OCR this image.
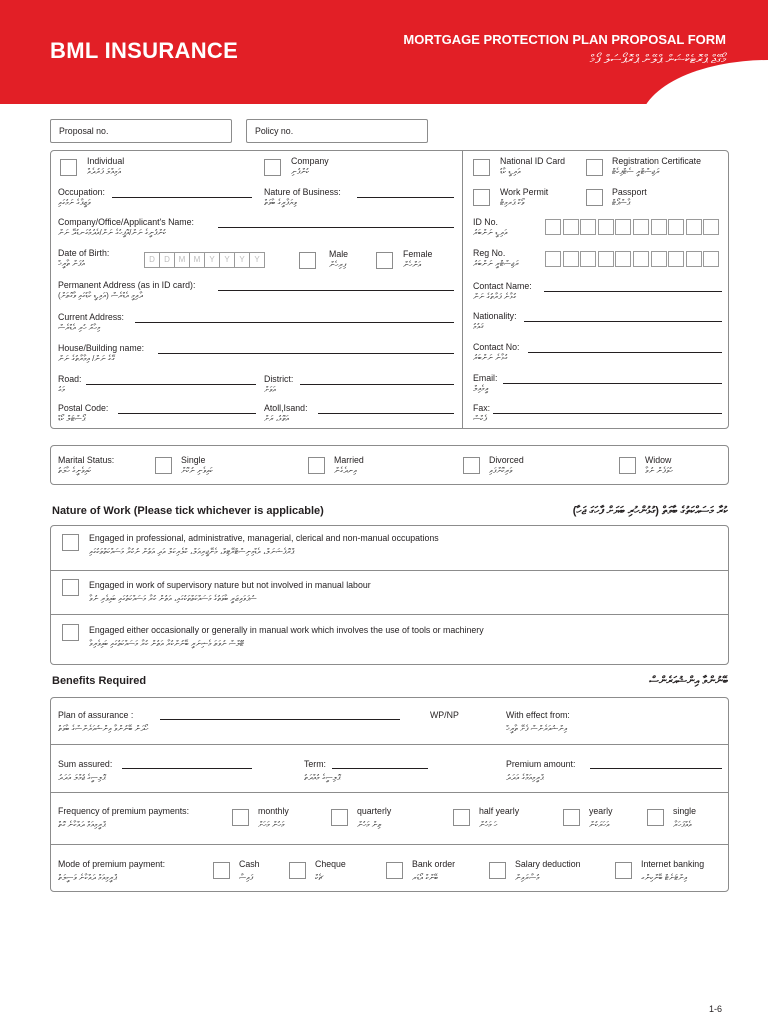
BML INSURANCE	MORTGAGE PROTECTION PLAN PROPOSAL FORM
މޯގޭޖް ޕްރޮޓެކްޝަން ޕްލޭން ޕްރޮޕޯސަލް ފޯމް
Proposal no.	Policy no.
Individual
އަމިއްލަ ފަރުދެއް
Company
ކުންފުނި
Occupation:
ވަޒީފާގެ ނަމުގައި
Nature of Business:
ވިޔަފާރީގެ ބާވަތް
Company/Office/Applicant's Name:
ކުންފުނީގެ ނަން/އޮފީހުގެ ނަން/އެދުމުގަނޑުދޭ ނަން
Date of Birth:
އުފަން ތާރީޚް	D	D	M	M	Y	Y	Y	Y
Male
ފިރިހެން
Female
އަންހެން
Permanent Address (as in ID card):
ދާއިމީ އެޑްރެސް (އައި.ޑީ ކާޑުގައި ވާގޮތަށް)
Current Address:
މިހާރު ހުރި އެޑްރެސް
House/Building name:
ގޭގެ ނަން/ އިމާރާތުގެ ނަން
Road:
މަގު
District:
އަވަށް
Postal Code:
ޕޯސްޓަލް ކޯޑް
Atoll,Isand:
އަތޮޅު، ރަށް
National ID Card
އައި.ޑީ ކާޑު
Registration Certificate
ރަޖިސްޓްރީ ސެޓްފިކެޓް
Work Permit
ވޯކް ޕަރމިޓް
Passport
ޕާސްޕޯޓް
ID No.
އައި.ޑީ ނަންބަރު
Reg No.
ރަޖިސްޓްރީ ނަންބަރު
Contact Name:
ގުޅާނެ ފަރާތުގެ ނަން
Nationality:
ޤައުމު
Contact No:
ގުޅާނެ ނަންބަރު
Email:
އީމެއިލް
Fax:
ފެކްސް
Marital Status:
ކައިވެނީގެ ހާލަތު
Single
ކައިވެނި ނުކޮށް
Married
އިނދެގެން
Divorced
ވަރިކޮށްފައި
Widow
ހުވަފެން ނުވާ
Nature of Work (Please tick whichever is applicable)	ކުރާ މަސައްކަތުގެ ބާވަތް (ގުޅުންހުރި ބަޔަށް ފާހަގަ ޖަހާ)
Engaged in professional, administrative, managerial, clerical and non-manual occupations
ޕްރޮފެޝަނަލް، އެޑްމިނިސްޓްރޭޓިވް، މެނޭޖީރިއަލް، ކްލެރިކަލް އަދި އަތުން ނުކުރާ މަސައްކަތްތަކުގައި
Engaged in work of supervisory nature but not involved in manual labour
ސުޕަވައިޒަރީ ބާވަތުގެ މަސައްކަތްތަކުގައި، އަތުން ކުރާ މަސައްކަތުގައި ބައިވެރި ނުވާ
Engaged either occasionally or generally in manual work which involves the use of tools or machinery
ޓޫލްސް ނުވަތަ މެޝިނަރީ ބޭނުންކުރާ އަތުން ކުރާ މަސައްކަތުގައި ބައިވެރިވާ
Benefits Required	ބޭނުންވާ އިންޝުއަރެންސް
Plan of assurance :
ހޯދަން ބޭނުންވާ އިންޝުއަރެންސްގެ ބާވަތް
WP/NP	With effect from:
އިންޝުއަރެންސް ފެށޭ ތާރީޚް
Sum assured:
ޕޮލިސީގެ ޖުމްލަ އަދަދު
Term:
ޕޮލިސީގެ މުއްދަތު
Premium amount:
ޕްރީމިއަމްގެ އަދަދު
Frequency of premium payments:
ޕްރީމިއަމް ދައްކާނެ ގޮތް
monthly
މަހުން މަހަށް
quarterly
ތިން މަހުން
half yearly
ހަ މަހުން
yearly
އަހަރަކުން
single
އެއްފަހަރާ
Mode of premium payment:
ޕްރީމިއަމް ދައްކާނެ ވަސީލަތް
Cash
ފައިސާ
Cheque
ޗެކް
Bank order
ބޭންކް އޯޑަރ
Salary deduction
މުސާރައިން
Internet banking
އިންޓަނެޓް ބޭންކިންގ
1-6
